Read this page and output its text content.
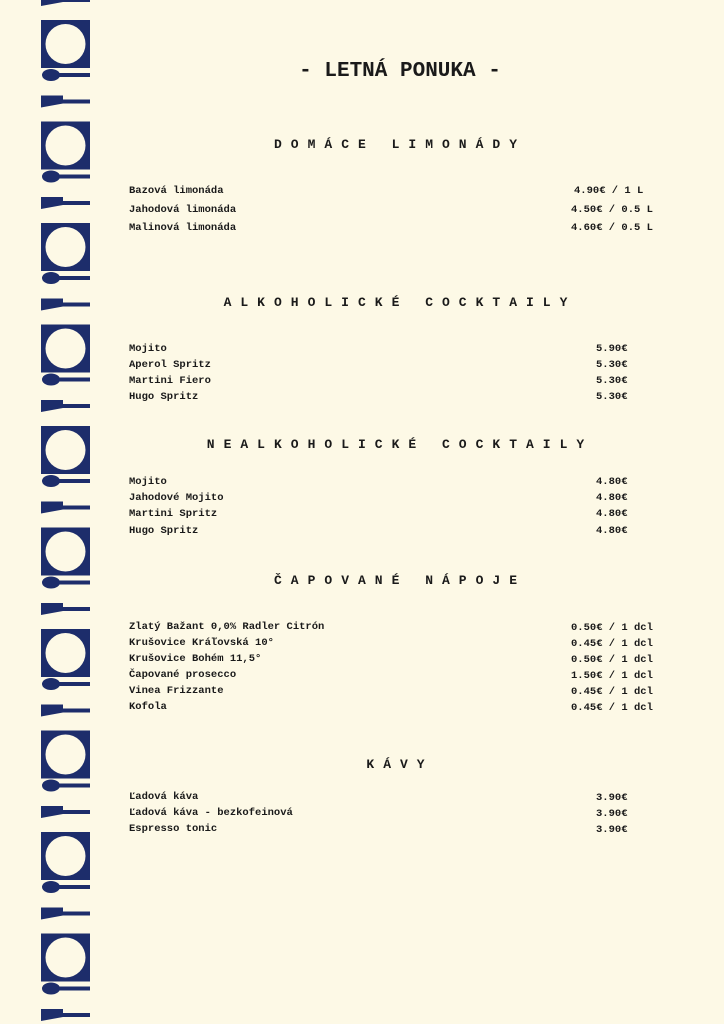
- LETNÁ PONUKA -
DOMÁCE LIMONÁDY
Bazová limonáda	4.90€ / 1 L
Jahodová limonáda	4.50€ / 0.5 L
Malinová limonáda	4.60€ / 0.5 L
ALKOHOLICKÉ COCKTAILY
Mojito	5.90€
Aperol Spritz	5.30€
Martini Fiero	5.30€
Hugo Spritz	5.30€
NEALKOHOLICKÉ COCKTAILY
Mojito	4.80€
Jahodové Mojito	4.80€
Martini Spritz	4.80€
Hugo Spritz	4.80€
ČAPOVANÉ NÁPOJE
Zlatý Bažant 0,0% Radler Citrón	0.50€ / 1 dcl
Krušovice Kráľovská 10°	0.45€ / 1 dcl
Krušovice Bohém 11,5°	0.50€ / 1 dcl
Čapované prosecco	1.50€ / 1 dcl
Vinea Frizzante	0.45€ / 1 dcl
Kofola	0.45€ / 1 dcl
KÁVY
Ľadová káva	3.90€
Ľadová káva - bezkofeinová	3.90€
Espresso tonic	3.90€
